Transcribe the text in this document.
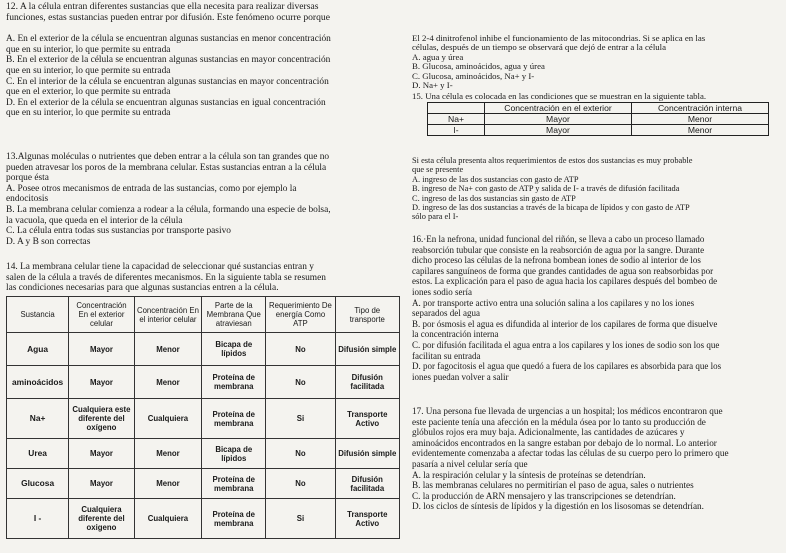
12. A la célula entran diferentes sustancias que ella necesita para realizar diversas

funciones, estas sustancias pueden entrar por difusión. Este fenómeno ocurre porque

A. En el exterior de la célula se encuentran algunas sustancias en menor concentración

que en su interior, lo que permite su entrada

B. En el exterior de la célula se encuentran algunas sustancias en mayor concentración

que en su interior, lo que permite su entrada

C. En el interior de la célula se encuentran algunas sustancias en mayor concentración

que en el exterior, lo que permite su entrada

D. En el exterior de la célula se encuentran algunas sustancias en igual concentración

que en su interior, lo que permite su entrada

13.Algunas moléculas o nutrientes que deben entrar a la célula son tan grandes que no

pueden atravesar los poros de la membrana celular. Estas sustancias entran a la célula

porque ésta

A. Posee otros mecanismos de entrada de las sustancias, como por ejemplo la

endocitosis

B. La membrana celular comienza a rodear a la célula, formando una especie de bolsa,

la vacuola, que queda en el interior de la célula

C. La célula entra todas sus sustancias por transporte pasivo

D. A y B son correctas

14. La membrana celular tiene la capacidad de seleccionar qué sustancias entran y

salen de la célula a través de diferentes mecanismos. En la siguiente tabla se resumen

las condiciones necesarias para que algunas sustancias entren a la célula.

Sustancia	Concentración En el exterior celular	Concentración En el interior celular	Parte de la Membrana Que atraviesan	Requerimiento De energía Como ATP	Tipo de transporte
Agua	Mayor	Menor	Bicapa de lípidos	No	Difusión simple
aminoácidos	Mayor	Menor	Proteína de membrana	No	Difusión facilitada
Na+	Cualquiera este diferente del oxígeno	Cualquiera	Proteína de membrana	Si	Transporte Activo
Urea	Mayor	Menor	Bicapa de lípidos	No	Difusión simple
Glucosa	Mayor	Menor	Proteína de membrana	No	Difusión facilitada
I -	Cualquiera diferente del oxigeno	Cualquiera	Proteína de membrana	Si	Transporte Activo

El 2-4 dinitrofenol inhibe el funcionamiento de las mitocondrias. Si se aplica en las

células, después de un tiempo se observará que dejó de entrar a la célula

A. agua y úrea

B. Glucosa, aminoácidos, agua y úrea

C. Glucosa, aminoácidos, Na+ y I-

D. Na+ y I-

15. Una célula es colocada en las condiciones que se muestran en la siguiente tabla.

	Concentración en el exterior	Concentración interna
Na+	Mayor	Menor
I-	Mayor	Menor

Si esta célula presenta altos requerimientos de estos dos sustancias es muy probable

que se presente

A. ingreso de las dos sustancias con gasto de ATP

B. ingreso de Na+ con gasto de ATP y salida de I- a través de difusión facilitada

C. ingreso de las dos sustancias sin gasto de ATP

D. ingreso de las dos sustancias a través de la bicapa de lípidos y con gasto de ATP

sólo para el I-

16.·En la nefrona, unidad funcional del riñón, se lleva a cabo un proceso llamado

reabsorción tubular que consiste en la reabsorción de agua por la sangre. Durante

dicho proceso las células de la nefrona bombean iones de sodio al interior de los

capilares sanguíneos de forma que grandes cantidades de agua son reabsorbidas por

estos. La explicación para el paso de agua hacia los capilares después del bombeo de

iones sodio sería

A. por transporte activo entra una solución salina a los capilares y no los iones

separados del agua

B. por ósmosis el agua es difundida al interior de los capilares de forma que disuelve

la concentración interna

C. por difusión facilitada el agua entra a los capilares y los iones de sodio son los que

facilitan su entrada

D. por fagocitosis el agua que quedó a fuera de los capilares es absorbida para que los

iones puedan volver a salir

17. Una persona fue llevada de urgencias a un hospital; los médicos encontraron que

este paciente tenía una afección en la médula ósea por lo tanto su producción de

glóbulos rojos era muy baja. Adicionalmente, las cantidades de azúcares y

aminoácidos encontrados en la sangre estaban por debajo de lo normal. Lo anterior

evidentemente comenzaba a afectar todas las células de su cuerpo pero lo primero que

pasaría a nivel celular sería que

A. la respiración celular y la síntesis de proteínas se detendrían.

B. las membranas celulares no permitirían el paso de agua, sales o nutrientes

C. la producción de ARN mensajero y las transcripciones se detendrían.

D. los ciclos de síntesis de lípidos y la digestión en los lisosomas se detendrían.
